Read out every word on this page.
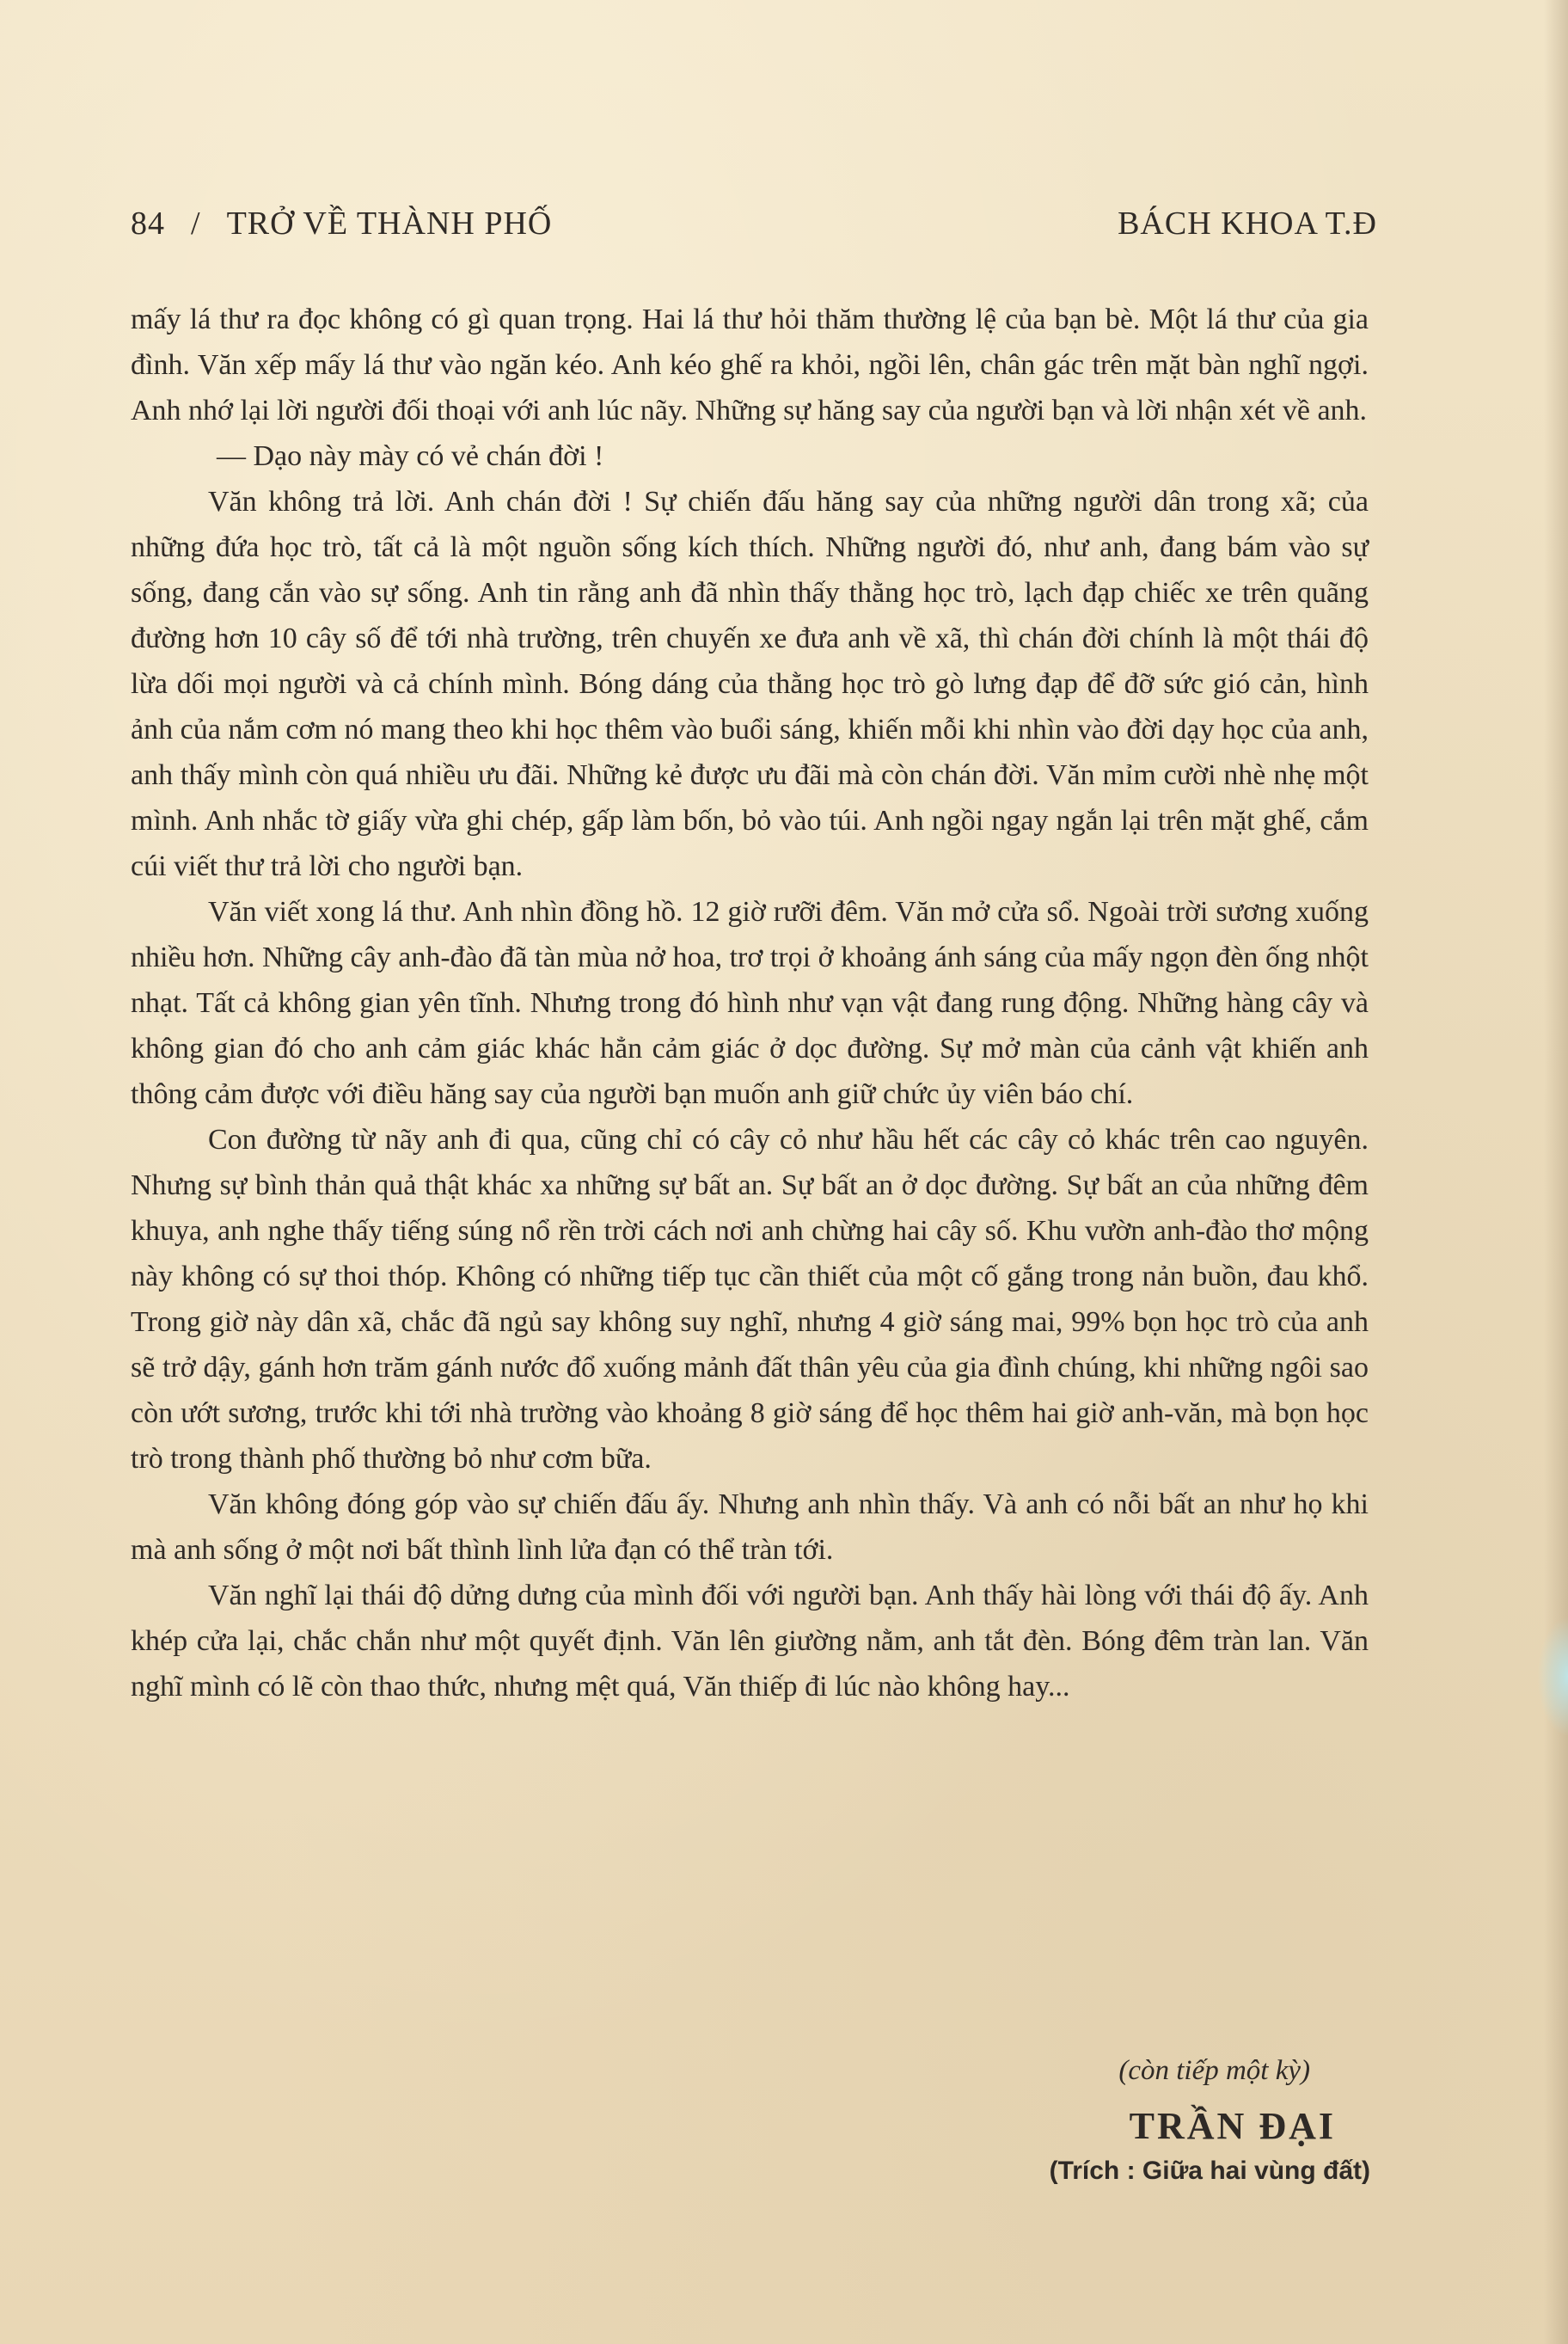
84 / TRỞ VỀ THÀNH PHỐ	BÁCH KHOA T.Đ

mấy lá thư ra đọc không có gì quan trọng. Hai lá thư hỏi thăm thường lệ của bạn bè. Một lá thư của gia đình. Văn xếp mấy lá thư vào ngăn kéo. Anh kéo ghế ra khỏi, ngồi lên, chân gác trên mặt bàn nghĩ ngợi. Anh nhớ lại lời người đối thoại với anh lúc nãy. Những sự hăng say của người bạn và lời nhận xét về anh.

— Dạo này mày có vẻ chán đời !

Văn không trả lời. Anh chán đời ! Sự chiến đấu hăng say của những người dân trong xã; của những đứa học trò, tất cả là một nguồn sống kích thích. Những người đó, như anh, đang bám vào sự sống, đang cắn vào sự sống. Anh tin rằng anh đã nhìn thấy thằng học trò, lạch đạp chiếc xe trên quãng đường hơn 10 cây số để tới nhà trường, trên chuyến xe đưa anh về xã, thì chán đời chính là một thái độ lừa dối mọi người và cả chính mình. Bóng dáng của thằng học trò gò lưng đạp để đỡ sức gió cản, hình ảnh của nắm cơm nó mang theo khi học thêm vào buổi sáng, khiến mỗi khi nhìn vào đời dạy học của anh, anh thấy mình còn quá nhiều ưu đãi. Những kẻ được ưu đãi mà còn chán đời. Văn mỉm cười nhè nhẹ một mình. Anh nhắc tờ giấy vừa ghi chép, gấp làm bốn, bỏ vào túi. Anh ngồi ngay ngắn lại trên mặt ghế, cắm cúi viết thư trả lời cho người bạn.

Văn viết xong lá thư. Anh nhìn đồng hồ. 12 giờ rưỡi đêm. Văn mở cửa sổ. Ngoài trời sương xuống nhiều hơn. Những cây anh-đào đã tàn mùa nở hoa, trơ trọi ở khoảng ánh sáng của mấy ngọn đèn ống nhột nhạt. Tất cả không gian yên tĩnh. Nhưng trong đó hình như vạn vật đang rung động. Những hàng cây và không gian đó cho anh cảm giác khác hẳn cảm giác ở dọc đường. Sự mở màn của cảnh vật khiến anh thông cảm được với điều hăng say của người bạn muốn anh giữ chức ủy viên báo chí.

Con đường từ nãy anh đi qua, cũng chỉ có cây cỏ như hầu hết các cây cỏ khác trên cao nguyên. Nhưng sự bình thản quả thật khác xa những sự bất an. Sự bất an ở dọc đường. Sự bất an của những đêm khuya, anh nghe thấy tiếng súng nổ rền trời cách nơi anh chừng hai cây số. Khu vườn anh-đào thơ mộng này không có sự thoi thóp. Không có những tiếp tục cần thiết của một cố gắng trong nản buồn, đau khổ. Trong giờ này dân xã, chắc đã ngủ say không suy nghĩ, nhưng 4 giờ sáng mai, 99% bọn học trò của anh sẽ trở dậy, gánh hơn trăm gánh nước đổ xuống mảnh đất thân yêu của gia đình chúng, khi những ngôi sao còn ướt sương, trước khi tới nhà trường vào khoảng 8 giờ sáng để học thêm hai giờ anh-văn, mà bọn học trò trong thành phố thường bỏ như cơm bữa.

Văn không đóng góp vào sự chiến đấu ấy. Nhưng anh nhìn thấy. Và anh có nỗi bất an như họ khi mà anh sống ở một nơi bất thình lình lửa đạn có thể tràn tới.

Văn nghĩ lại thái độ dửng dưng của mình đối với người bạn. Anh thấy hài lòng với thái độ ấy. Anh khép cửa lại, chắc chắn như một quyết định. Văn lên giường nằm, anh tắt đèn. Bóng đêm tràn lan. Văn nghĩ mình có lẽ còn thao thức, nhưng mệt quá, Văn thiếp đi lúc nào không hay...

(còn tiếp một kỳ)
TRẦN ĐẠI
(Trích : Giữa hai vùng đất)
